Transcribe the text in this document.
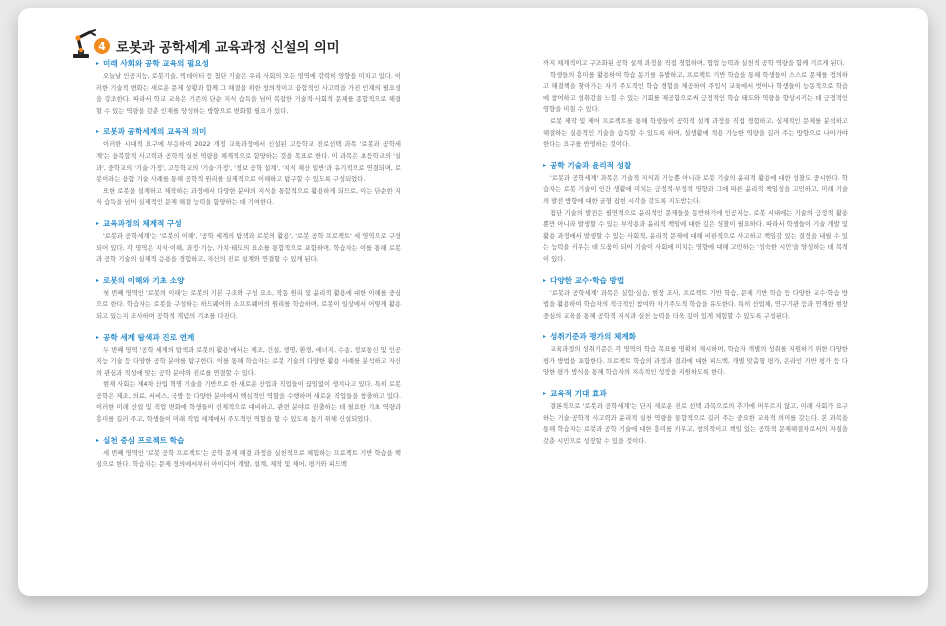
4 로봇과 공학세계 교육과정 신설의 의미
▸ 미래 사회와 공학 교육의 필요성

오늘날 인공지능, 로봇기술, 빅데이터 등 첨단 기술은 우리 사회의 모든 영역에 강력히 영향을 미치고 있다. 이러한 기술적 변화는 새로운 문제 상황과 함께 그 해결을 위한 창의적이고 융합적인 사고력을 가진 인재의 필요성을 강조한다. 따라서 학교 교육은 기존의 단순 지식 습득을 넘어 복잡한 기술적·사회적 문제를 종합적으로 해결할 수 있는 역량을 갖춘 인재를 양성하는 방향으로 변화할 필요가 있다.

▸ 로봇과 공학세계의 교육적 의미

이러한 시대적 요구에 부응하여 2022 개정 교육과정에서 신설된 고등학교 진로선택 과목 '로봇과 공학세계'는 융복합적 사고력과 공학적 실천 역량을 체계적으로 함양하는 것을 목표로 한다. 이 과목은 초등학교의 '실과', 중학교의 '기술·가정', 고등학교의 '기술·가정', '정보 공학 설계', '지식 재산 일반'과 유기적으로 연결되며, 로봇이라는 융합 기술 사례를 통해 공학적 원리를 실제적으로 이해하고 탐구할 수 있도록 구성되었다.

또한 로봇을 설계하고 제작하는 과정에서 다양한 분야의 지식을 통합적으로 활용하게 되므로, 이는 단순한 지식 습득을 넘어 실제적인 문제 해결 능력을 함양하는 데 기여한다.

▸ 교육과정의 체계적 구성

'로봇과 공학세계'는 '로봇의 이해', '공학 세계의 탐색과 로봇의 활용', '로봇 공학 프로젝트' 세 영역으로 구성되어 있다. 각 영역은 지식·이해, 과정·기능, 가치·태도의 요소를 통합적으로 포함하며, 학습자는 이를 통해 로봇과 공학 기술의 실제적 응용을 경험하고, 자신의 진로 설계와 연결할 수 있게 된다.

▸ 로봇의 이해와 기초 소양

첫 번째 영역인 '로봇의 이해'는 로봇의 기본 구조와 구성 요소, 작동 원리 및 윤리적 활용에 대한 이해를 중심으로 한다. 학습자는 로봇을 구성하는 하드웨어와 소프트웨어의 원리를 학습하며, 로봇이 일상에서 어떻게 활용되고 있는지 조사하며 공학적 개념의 기초를 다진다.

▸ 공학 세계 탐색과 진로 연계

두 번째 영역 '공학 세계의 탐색과 로봇의 활용'에서는 제조, 건설, 생명, 환경, 에너지, 수송, 정보통신 및 인공지능 기술 등 다양한 공학 분야를 탐구한다. 이를 통해 학습자는 로봇 기술의 다양한 활용 사례를 분석하고 자신의 관심과 적성에 맞는 공학 분야와 진로를 연결할 수 있다.

현재 사회는 제4차 산업 혁명 기술을 기반으로 한 새로운 산업과 직업들이 끊임없이 생겨나고 있다. 특히 로봇 공학은 제조, 의료, 서비스, 국방 등 다양한 분야에서 핵심적인 역할을 수행하며 새로운 직업들을 창출하고 있다. 이러한 미래 산업 및 직업 변화에 학생들이 선제적으로 대비하고, 관련 분야로 진출하는 데 필요한 기초 역량과 흥미를 길러 주고, 학생들이 미래 직업 세계에서 주도적인 역할을 할 수 있도록 돕기 위해 신설되었다.

▸ 실천 중심 프로젝트 학습

세 번째 영역인 '로봇 공학 프로젝트'는 공학 문제 해결 과정을 실천적으로 체험하는 프로젝트 기반 학습을 핵심으로 한다. 학습자는 문제 정의에서부터 아이디어 개발, 설계, 제작 및 제어, 평가와 피드백

까지 체계적이고 구조화된 공학 설계 과정을 직접 경험하며, 협업 능력과 실천적 공학 역량을 함께 기르게 된다.

학생들의 흥미를 활용하여 학습 동기를 유발하고, 프로젝트 기반 학습을 통해 학생들이 스스로 문제를 정의하고 해결책을 찾아가는 자기 주도적인 학습 경험을 제공하여 주입식 교육에서 벗어나 학생들이 능동적으로 학습에 참여하고 성취감을 느낄 수 있는 기회를 제공함으로써 긍정적인 학습 태도와 역량을 향상시키는 데 긍정적인 영향을 미칠 수 있다.

로봇 제작 및 제어 프로젝트를 통해 학생들이 공학적 설계 과정을 직접 경험하고, 실제적인 문제를 분석하고 해결하는 실용적인 기술을 습득할 수 있도록 하며, 설생활에 적용 가능한 역량을 길러 주는 방향으로 나아가야 한다는 요구를 반영하는 것이다.

▸ 공학 기술과 윤리적 성찰

'로봇과 공학세계' 과목은 기술적 지식과 기능뿐 아니라 로봇 기술의 윤리적 활용에 대한 성찰도 중시한다. 학습자는 로봇 기술이 인간 생활에 미치는 긍정적·부정적 영향과 그에 따른 윤리적 책임성을 고민하고, 미래 기술의 발전 방향에 대한 균형 잡힌 시각을 갖도록 지도받는다.

첨단 기술의 발전은 필연적으로 윤리적인 문제들을 동반하기에 인공지능, 로봇 시대에는 기술의 긍정적 활용뿐만 아니라 발생할 수 있는 부작용과 윤리적 책임에 대한 깊은 성찰이 필요하다. 따라서 학생들이 기술 개발 및 활용 과정에서 발생할 수 있는 사회적, 윤리적 문제에 대해 비판적으로 사고하고 책임감 있는 결정을 내릴 수 있는 능력을 키우는 데 도움이 되어 기술이 사회에 미치는 영향에 대해 고민하는 '성숙한 시민'을 양성하는 데 목적이 있다.

▸ 다양한 교수·학습 방법

'로봇과 공학세계' 과목은 실험·실습, 현장 조사, 프로젝트 기반 학습, 문제 기반 학습 등 다양한 교수·학습 방법을 활용하여 학습자의 적극적인 참여와 자기주도적 학습을 유도한다. 특히 산업체, 연구기관 등과 연계한 현장 중심의 교육을 통해 공학적 지식과 실천 능력을 더욱 깊이 있게 체험할 수 있도록 구성된다.

▸ 성취기준과 평가의 체계화

교육과정의 성취기준은 각 영역의 학습 목표를 명확히 제시하며, 학습자 개별의 성취를 지원하기 위한 다양한 평가 방법을 포함한다. 프로젝트 학습의 과정과 결과에 대한 피드백, 개별 맞춤형 평가, 온라인 기반 평가 등 다양한 평가 방식을 통해 학습자의 지속적인 성장을 지원하도록 한다.

▸ 교육적 기대 효과

결론적으로 '로봇과 공학세계'는 단지 새로운 진로 선택 과목으로의 추가에 머무르지 않고, 미래 사회가 요구하는 기술·공학적 사고력과 윤리적 실천 역량을 통합적으로 길러 주는 중요한 교육적 의미를 갖는다. 본 과목을 통해 학습자는 로봇과 공학 기술에 대한 흥미를 키우고, 창의적이고 책임 있는 공학적 문제해결자로서의 자질을 갖춘 시민으로 성장할 수 있을 것이다.
